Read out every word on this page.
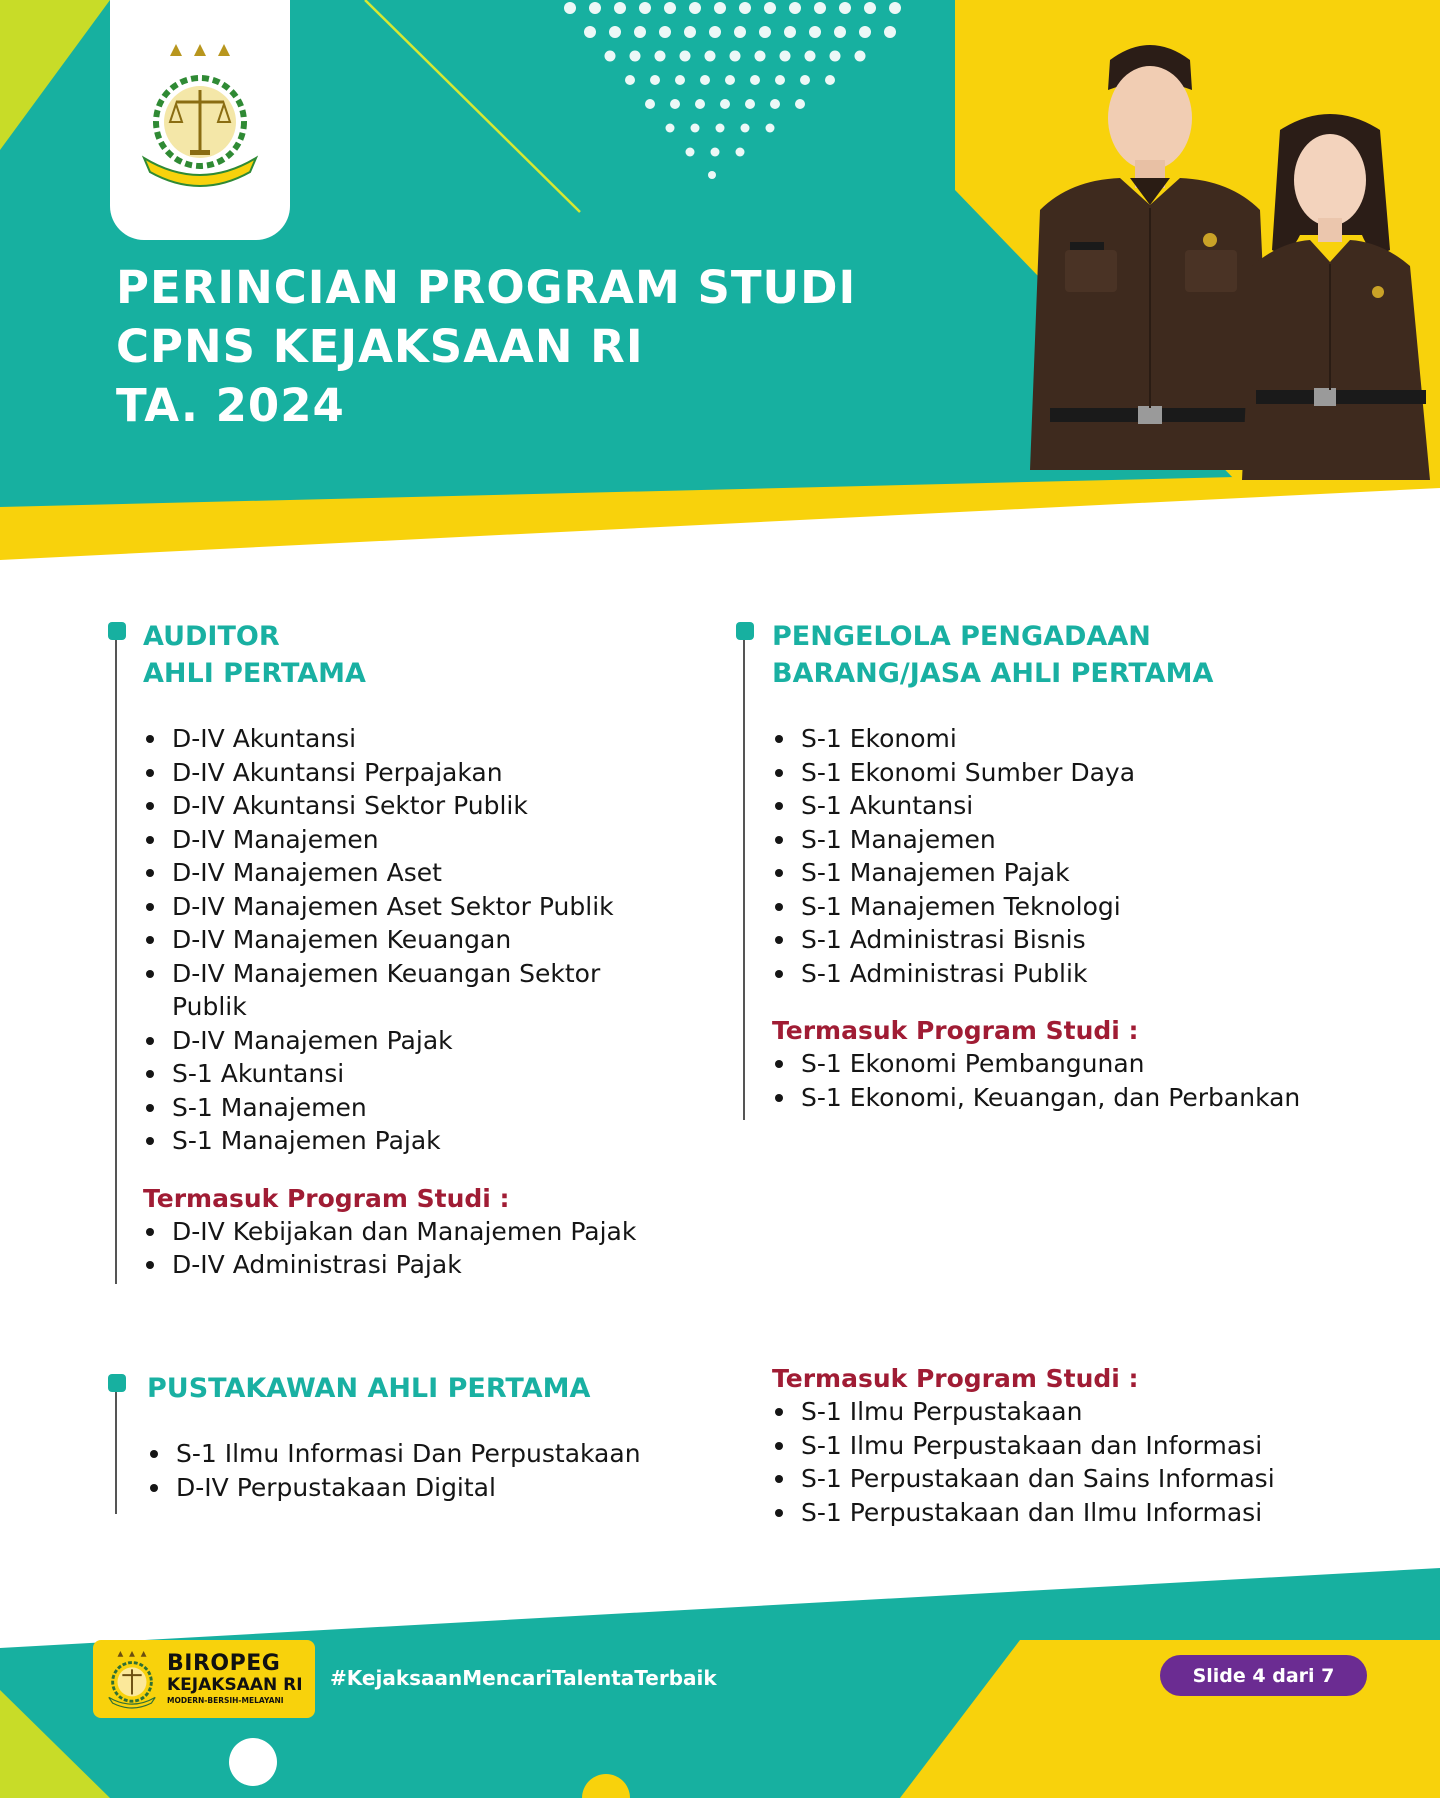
PERINCIAN PROGRAM STUDI
CPNS KEJAKSAAN RI
TA. 2024
AUDITOR
AHLI PERTAMA
D-IV Akuntansi
D-IV Akuntansi Perpajakan
D-IV Akuntansi Sektor Publik
D-IV Manajemen
D-IV Manajemen Aset
D-IV Manajemen Aset Sektor Publik
D-IV Manajemen Keuangan
D-IV Manajemen Keuangan Sektor Publik
D-IV Manajemen Pajak
S-1 Akuntansi
S-1 Manajemen
S-1 Manajemen Pajak
Termasuk Program Studi :
D-IV Kebijakan dan Manajemen Pajak
D-IV Administrasi Pajak
PENGELOLA PENGADAAN
BARANG/JASA AHLI PERTAMA
S-1 Ekonomi
S-1 Ekonomi Sumber Daya
S-1 Akuntansi
S-1 Manajemen
S-1 Manajemen Pajak
S-1 Manajemen Teknologi
S-1 Administrasi Bisnis
S-1 Administrasi Publik
Termasuk Program Studi :
S-1 Ekonomi Pembangunan
S-1 Ekonomi, Keuangan, dan Perbankan
PUSTAKAWAN AHLI PERTAMA
S-1 Ilmu Informasi Dan Perpustakaan
D-IV Perpustakaan Digital
Termasuk Program Studi :
S-1 Ilmu Perpustakaan
S-1 Ilmu Perpustakaan dan Informasi
S-1 Perpustakaan dan Sains Informasi
S-1 Perpustakaan dan Ilmu Informasi
BIROPEG
KEJAKSAAN RI
MODERN-BERSIH-MELAYANI
#KejaksaanMencariTalentaTerbaik	Slide 4 dari 7
